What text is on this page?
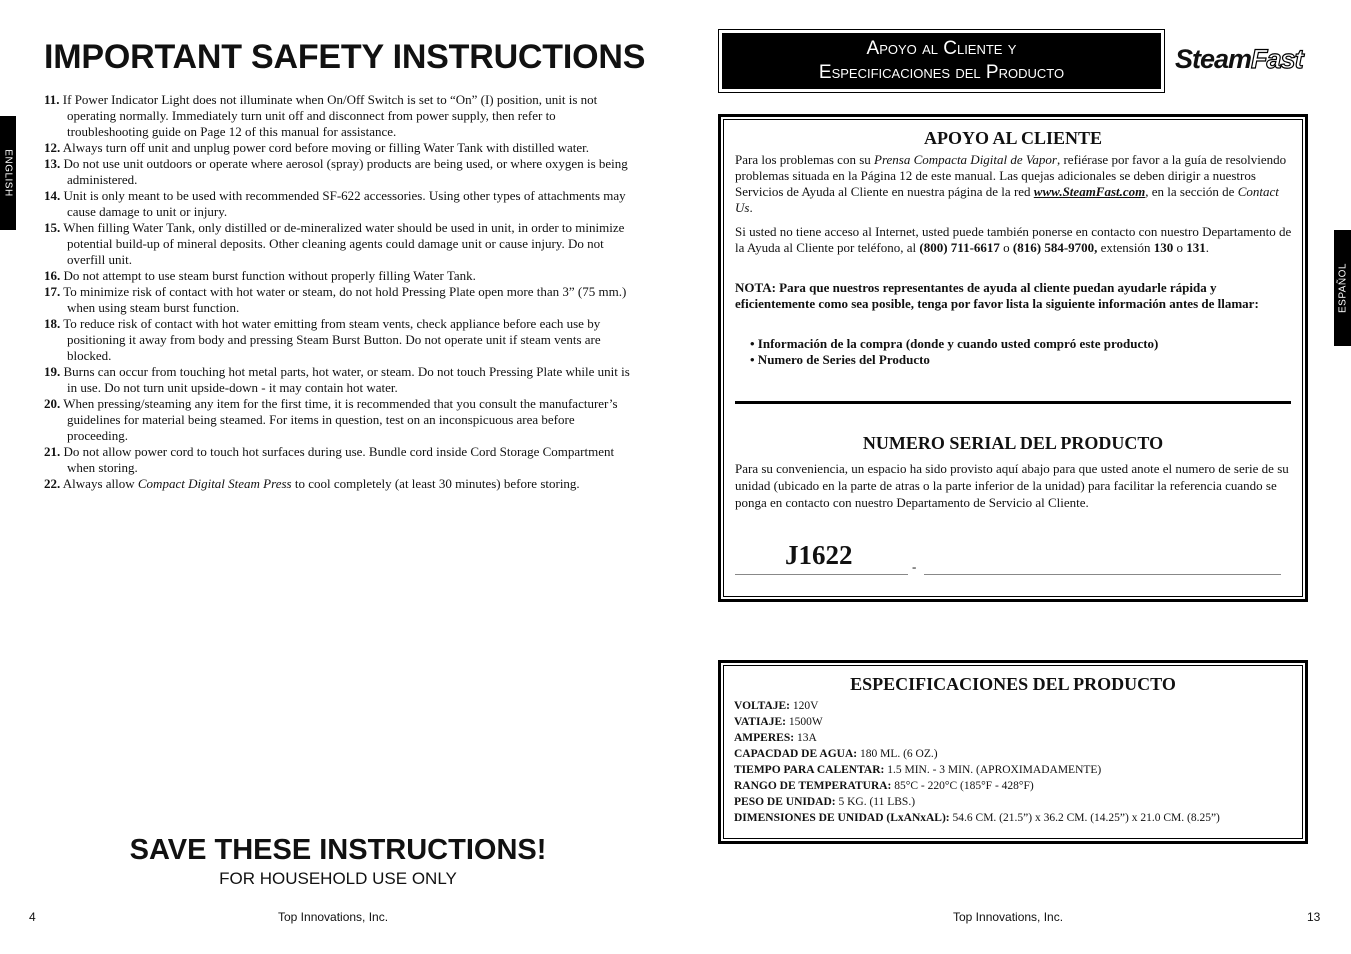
IMPORTANT SAFETY INSTRUCTIONS
ENGLISH

11. If Power Indicator Light does not illuminate when On/Off Switch is set to “On” (I) position, unit is not operating normally. Immediately turn unit off and disconnect from power supply, then refer to troubleshooting guide on Page 12 of this manual for assistance.

12. Always turn off unit and unplug power cord before moving or filling Water Tank with distilled water.

13. Do not use unit outdoors or operate where aerosol (spray) products are being used, or where oxygen is being administered.

14. Unit is only meant to be used with recommended SF-622 accessories. Using other types of attachments may cause damage to unit or injury.

15. When filling Water Tank, only distilled or de-mineralized water should be used in unit, in order to minimize potential build-up of mineral deposits. Other cleaning agents could damage unit or cause injury. Do not overfill unit.

16. Do not attempt to use steam burst function without properly filling Water Tank.

17. To minimize risk of contact with hot water or steam, do not hold Pressing Plate open more than 3” (75 mm.) when using steam burst function.

18. To reduce risk of contact with hot water emitting from steam vents, check appliance before each use by positioning it away from body and pressing Steam Burst Button. Do not operate unit if steam vents are blocked.

19. Burns can occur from touching hot metal parts, hot water, or steam. Do not touch Pressing Plate while unit is in use. Do not turn unit upside-down - it may contain hot water.

20. When pressing/steaming any item for the first time, it is recommended that you consult the manufacturer’s guidelines for material being steamed. For items in question, test on an inconspicuous area before proceeding.

21. Do not allow power cord to touch hot surfaces during use. Bundle cord inside Cord Storage Compartment when storing.

22. Always allow Compact Digital Steam Press to cool completely (at least 30 minutes) before storing.

SAVE THESE INSTRUCTIONS!
FOR HOUSEHOLD USE ONLY
4	Top Innovations, Inc.
Apoyo al Cliente y
Especificaciones del Producto	SteamFast
ESPAÑOL
APOYO AL CLIENTE

Para los problemas con su Prensa Compacta Digital de Vapor, refiérase por favor a la guía de resolviendo problemas situada en la Página 12 de este manual. Las quejas adicionales se deben dirigir a nuestros Servicios de Ayuda al Cliente en nuestra página de la red www.SteamFast.com, en la sección de Contact Us.

Si usted no tiene acceso al Internet, usted puede también ponerse en contacto con nuestro Departamento de la Ayuda al Cliente por teléfono, al (800) 711-6617 o (816) 584-9700, extensión 130 o 131.

NOTA: Para que nuestros representantes de ayuda al cliente puedan ayudarle rápida y eficientemente como sea posible, tenga por favor lista la siguiente información antes de llamar:

• Información de la compra (donde y cuando usted compró este producto)
• Numero de Series del Producto
NUMERO SERIAL DEL PRODUCTO

Para su conveniencia, un espacio ha sido provisto aquí abajo para que usted anote el numero de serie de su unidad (ubicado en la parte de atras o la parte inferior de la unidad) para facilitar la referencia cuando se ponga en contacto con nuestro Departamento de Servicio al Cliente.

J1622	-
ESPECIFICACIONES DEL PRODUCTO
VOLTAJE: 120V
VATIAJE: 1500W
AMPERES: 13A
CAPACDAD DE AGUA: 180 ML. (6 OZ.)
TIEMPO PARA CALENTAR: 1.5 MIN. - 3 MIN. (APROXIMADAMENTE)
RANGO DE TEMPERATURA: 85°C - 220°C (185°F - 428°F)
PESO DE UNIDAD: 5 KG. (11 LBS.)
DIMENSIONES DE UNIDAD (LxANxAL): 54.6 CM. (21.5”) x 36.2 CM. (14.25”) x 21.0 CM. (8.25”)
Top Innovations, Inc.	13
